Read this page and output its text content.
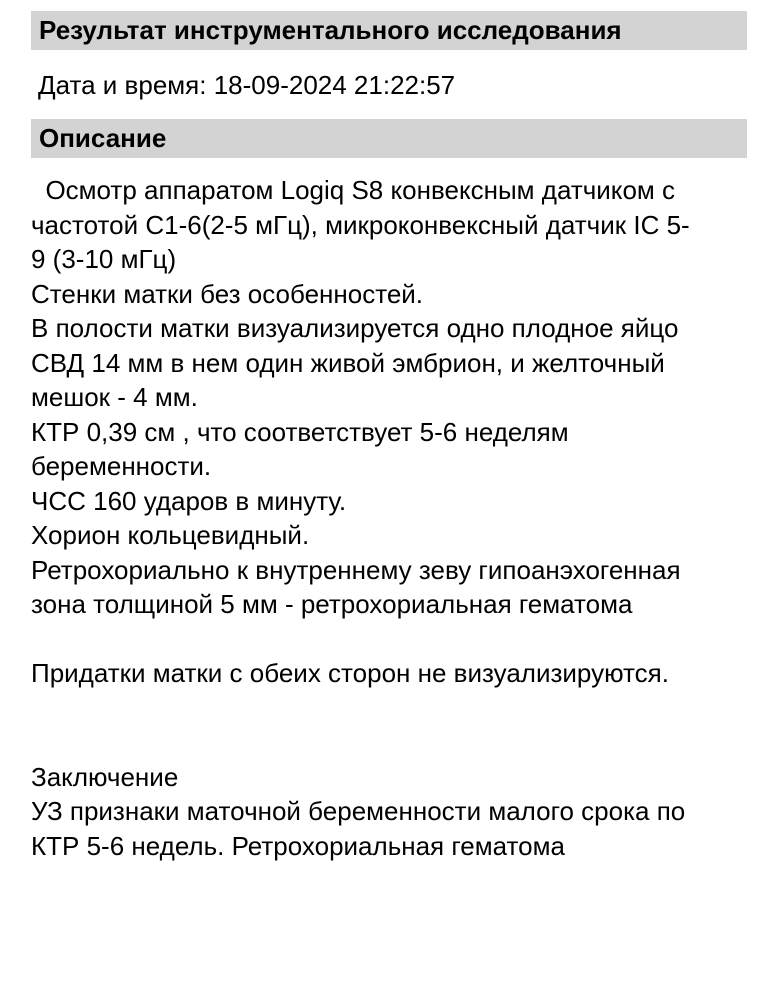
Результат инструментального исследования
Дата и время: 18-09-2024 21:22:57
Описание
Осмотр аппаратом Logiq S8 конвексным датчиком с
частотой С1-6(2-5 мГц), микроконвексный датчик IC 5-
9 (3-10 мГц)
Стенки матки без особенностей.
В полости матки визуализируется одно плодное яйцо
СВД 14 мм в нем один живой эмбрион, и желточный
мешок - 4 мм.
КТР 0,39 см , что соответствует 5-6 неделям
беременности.
ЧСС 160 ударов в минуту.
Хорион кольцевидный.
Ретрохориально к внутреннему зеву гипоанэхогенная
зона толщиной 5 мм - ретрохориальная гематома
Придатки матки с обеих сторон не визуализируются.
Заключение
УЗ признаки маточной беременности малого срока по
КТР 5-6 недель. Ретрохориальная гематома
